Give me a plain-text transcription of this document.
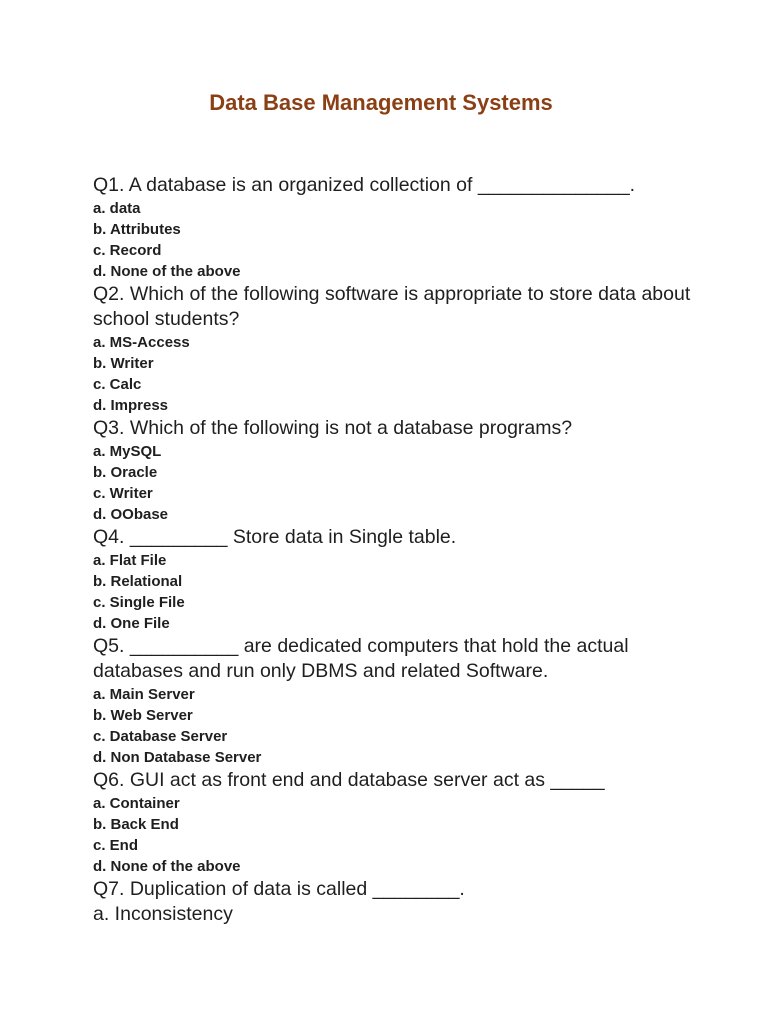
Data Base Management Systems

Q1. A database is an organized collection of ______________.

a. data
b. Attributes
c. Record
d. None of the above

Q2. Which of the following software is appropriate to store data about school students?

a. MS-Access
b. Writer
c. Calc
d. Impress

Q3. Which of the following is not a database programs?

a. MySQL
b. Oracle
c. Writer
d. OObase

Q4. _________ Store data in Single table.

a. Flat File
b. Relational
c. Single File
d. One File

Q5. __________ are dedicated computers that hold the actual databases and run only DBMS and related Software.

a. Main Server
b. Web Server
c. Database Server
d. Non Database Server

Q6. GUI act as front end and database server act as _____

a. Container
b. Back End
c. End
d. None of the above

Q7. Duplication of data is called ________.

a. Inconsistency
